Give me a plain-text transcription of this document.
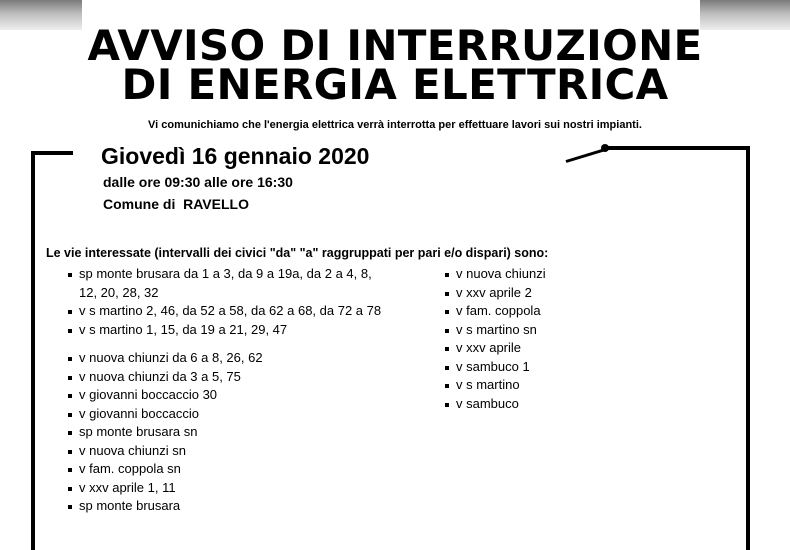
AVVISO DI INTERRUZIONE
DI ENERGIA ELETTRICA
Vi comunichiamo che l'energia elettrica verrà interrotta per effettuare lavori sui nostri impianti.
Giovedì 16 gennaio 2020
dalle ore 09:30 alle ore 16:30
Comune di  RAVELLO
Le vie interessate (intervalli dei civici "da" "a" raggruppati per pari e/o dispari) sono:
sp monte brusara da 1 a 3, da 9 a 19a, da 2 a 4, 8, 12, 20, 28, 32
v s martino 2, 46, da 52 a 58, da 62 a 68, da 72 a 78
v s martino 1, 15, da 19 a 21, 29, 47
v nuova chiunzi da 6 a 8, 26, 62
v nuova chiunzi da 3 a 5, 75
v giovanni boccaccio 30
v giovanni boccaccio
sp monte brusara sn
v nuova chiunzi sn
v fam. coppola sn
v xxv aprile 1, 11
sp monte brusara
v nuova chiunzi
v xxv aprile 2
v fam. coppola
v s martino sn
v xxv aprile
v sambuco 1
v s martino
v sambuco
